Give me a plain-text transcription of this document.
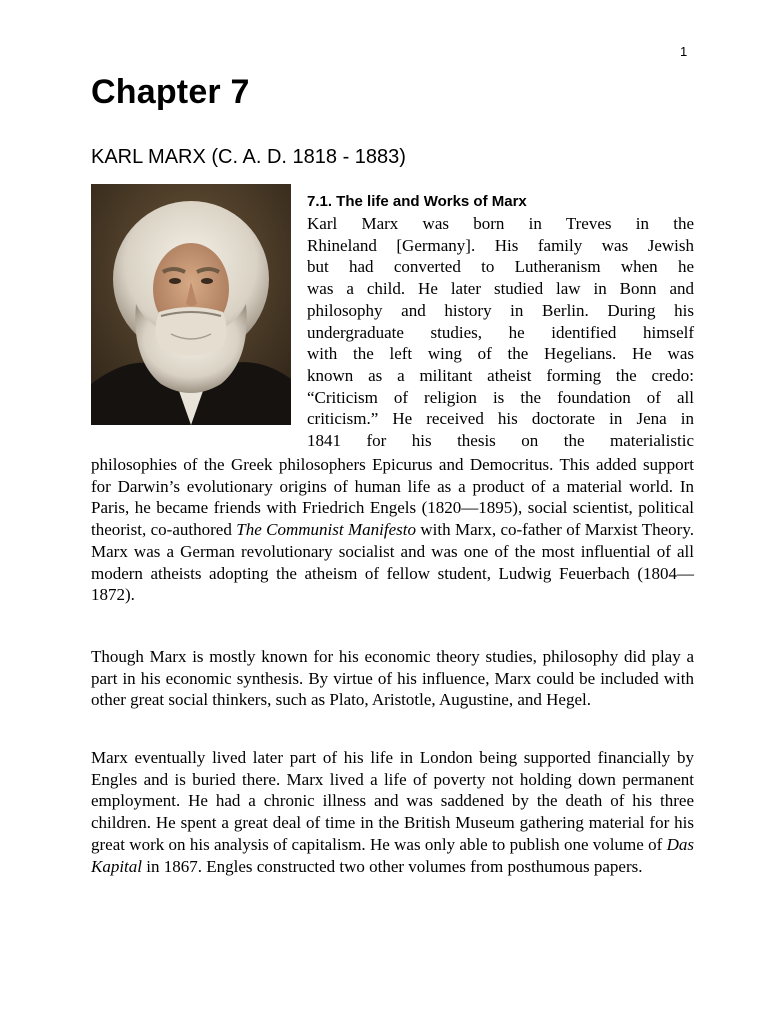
1
Chapter 7
KARL MARX (C. A. D. 1818 - 1883)
7.1. The life and Works of Marx
Karl Marx was born in Treves in the
Rhineland [Germany]. His family was Jewish
but had converted to Lutheranism when he
was a child. He later studied law in Bonn and
philosophy and history in Berlin. During his
undergraduate studies, he identified himself
with the left wing of the Hegelians. He was
known as a militant atheist forming the credo:
“Criticism of religion is the foundation of all
criticism.” He received his doctorate in Jena in
1841 for his thesis on the materialistic

philosophies of the Greek philosophers Epicurus and Democritus. This added support for Darwin’s evolutionary origins of human life as a product of a material world. In Paris, he became friends with Friedrich Engels (1820—1895), social scientist, political theorist, co-authored The Communist Manifesto with Marx, co-father of Marxist Theory. Marx was a German revolutionary socialist and was one of the most influential of all modern atheists adopting the atheism of fellow student, Ludwig Feuerbach (1804—1872).

Though Marx is mostly known for his economic theory studies, philosophy did play a part in his economic synthesis. By virtue of his influence, Marx could be included with other great social thinkers, such as Plato, Aristotle, Augustine, and Hegel.

Marx eventually lived later part of his life in London being supported financially by Engles and is buried there. Marx lived a life of poverty not holding down permanent employment. He had a chronic illness and was saddened by the death of his three children. He spent a great deal of time in the British Museum gathering material for his great work on his analysis of capitalism. He was only able to publish one volume of Das Kapital in 1867. Engles constructed two other volumes from posthumous papers.
